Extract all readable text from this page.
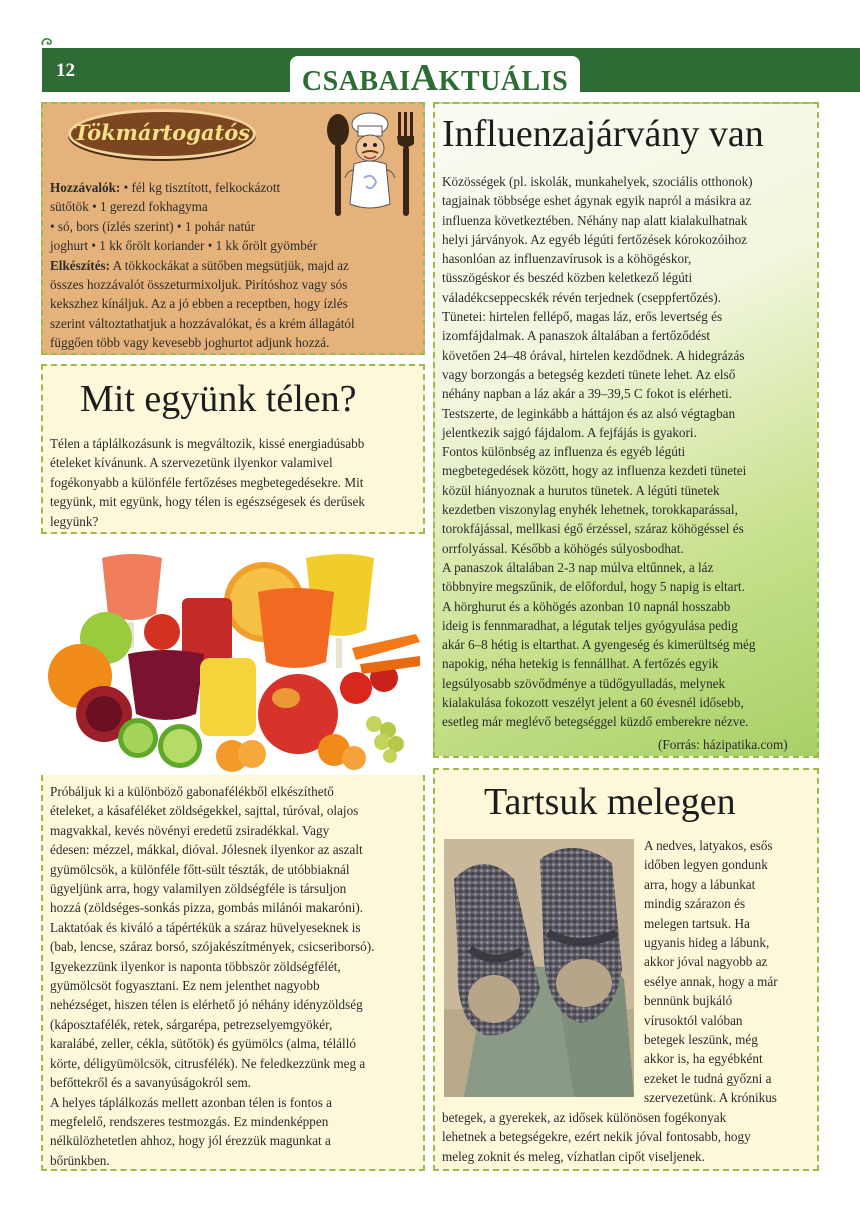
12	CSABAIAKTUÁLIS
Tökmártogatós

Hozzávalók: • fél kg tisztított, felkockázott

sütőtök • 1 gerezd fokhagyma

• só, bors (ízlés szerint) • 1 pohár natúr

joghurt • 1 kk őrölt koriander • 1 kk őrölt gyömbér

Elkészítés: A tökkockákat a sütőben megsütjük, majd az

összes hozzávalót összeturmixoljuk. Pirítóshoz vagy sós

kekszhez kínáljuk. Az a jó ebben a receptben, hogy ízlés

szerint változtathatjuk a hozzávalókat, és a krém állagától

függően több vagy kevesebb joghurtot adjunk hozzá.

Mit együnk télen?

Télen a táplálkozásunk is megváltozik, kissé energiadúsabb

ételeket kívánunk. A szervezetünk ilyenkor valamivel

fogékonyabb a különféle fertőzéses megbetegedésekre. Mit

tegyünk, mit együnk, hogy télen is egészségesek és derűsek

legyünk?

Próbáljuk ki a különböző gabonafélékből elkészíthető

ételeket, a kásaféléket zöldségekkel, sajttal, túróval, olajos

magvakkal, kevés növényi eredetű zsiradékkal. Vagy

édesen: mézzel, mákkal, dióval. Jólesnek ilyenkor az aszalt

gyümölcsök, a különféle főtt-sült tészták, de utóbbiaknál

ügyeljünk arra, hogy valamilyen zöldségféle is társuljon

hozzá (zöldséges-sonkás pizza, gombás milánói makaróni).

Laktatóak és kiváló a tápértékük a száraz hüvelyeseknek is

(bab, lencse, száraz borsó, szójakészítmények, csicseriborsó).

Igyekezzünk ilyenkor is naponta többször zöldségfélét,

gyümölcsöt fogyasztani. Ez nem jelenthet nagyobb

nehézséget, hiszen télen is elérhető jó néhány idényzöldség

(káposztafélék, retek, sárgarépa, petrezselyemgyökér,

karalábé, zeller, cékla, sütőtök) és gyümölcs (alma, télálló

körte, déligyümölcsök, citrusfélék). Ne feledkezzünk meg a

befőttekről és a savanyúságokról sem.

A helyes táplálkozás mellett azonban télen is fontos a

megfelelő, rendszeres testmozgás. Ez mindenképpen

nélkülözhetetlen ahhoz, hogy jól érezzük magunkat a

bőrünkben.

Influenzajárvány van

Közösségek (pl. iskolák, munkahelyek, szociális otthonok)

tagjainak többsége eshet ágynak egyik napról a másikra az

influenza következtében. Néhány nap alatt kialakulhatnak

helyi járványok. Az egyéb légúti fertőzések kórokozóihoz

hasonlóan az influenzavírusok is a köhögéskor,

tüsszögéskor és beszéd közben keletkező légúti

váladékcseppecskék révén terjednek (cseppfertőzés).

Tünetei: hirtelen fellépő, magas láz, erős levertség és

izomfájdalmak. A panaszok általában a fertőződést

követően 24–48 órával, hirtelen kezdődnek. A hidegrázás

vagy borzongás a betegség kezdeti tünete lehet. Az első

néhány napban a láz akár a 39–39,5 C fokot is elérheti.

Testszerte, de leginkább a háttájon és az alsó végtagban

jelentkezik sajgó fájdalom. A fejfájás is gyakori.

Fontos különbség az influenza és egyéb légúti

megbetegedések között, hogy az influenza kezdeti tünetei

közül hiányoznak a hurutos tünetek. A légúti tünetek

kezdetben viszonylag enyhék lehetnek, torokkaparással,

torokfájással, mellkasi égő érzéssel, száraz köhögéssel és

orrfolyással. Később a köhögés súlyosbodhat.

A panaszok általában 2-3 nap múlva eltűnnek, a láz

többnyire megszűnik, de előfordul, hogy 5 napig is eltart.

A hörghurut és a köhögés azonban 10 napnál hosszabb

ideig is fennmaradhat, a légutak teljes gyógyulása pedig

akár 6–8 hétig is eltarthat. A gyengeség és kimerültség még

napokig, néha hetekig is fennállhat. A fertőzés egyik

legsúlyosabb szövődménye a tüdőgyulladás, melynek

kialakulása fokozott veszélyt jelent a 60 évesnél idősebb,

esetleg már meglévő betegséggel küzdő emberekre nézve.

(Forrás: házipatika.com)
Tartsuk melegen

A nedves, latyakos, esős

időben legyen gondunk

arra, hogy a lábunkat

mindig szárazon és

melegen tartsuk. Ha

ugyanis hideg a lábunk,

akkor jóval nagyobb az

esélye annak, hogy a már

bennünk bujkáló

vírusoktól valóban

betegek leszünk, még

akkor is, ha egyébként

ezeket le tudná győzni a

szervezetünk. A krónikus

betegek, a gyerekek, az idősek különösen fogékonyak

lehetnek a betegségekre, ezért nekik jóval fontosabb, hogy

meleg zoknit és meleg, vízhatlan cipőt viseljenek.
